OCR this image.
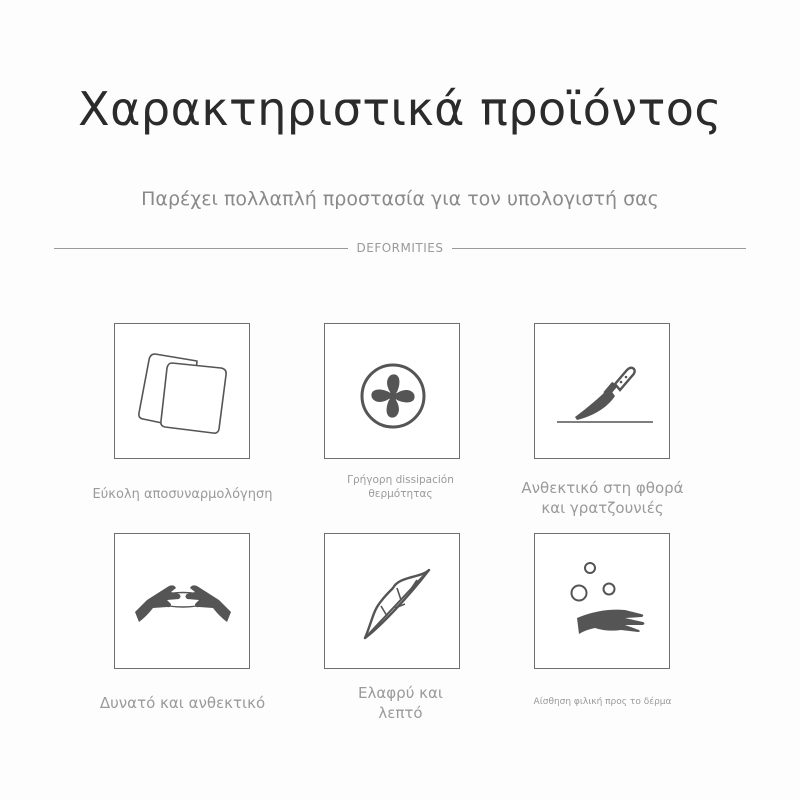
Χαρακτηριστικά προϊόντος
Παρέχει πολλαπλή προστασία για τον υπολογιστή σας
DEFORMITIES
Εύκολη αποσυναρμολόγηση
Γρήγορη dissipación θερμότητας	Ανθεκτικό στη φθορά και γρατζουνιές
Δυνατό και ανθεκτικό
Ελαφρύ και λεπτό
Αίσθηση φιλική προς το δέρμα
